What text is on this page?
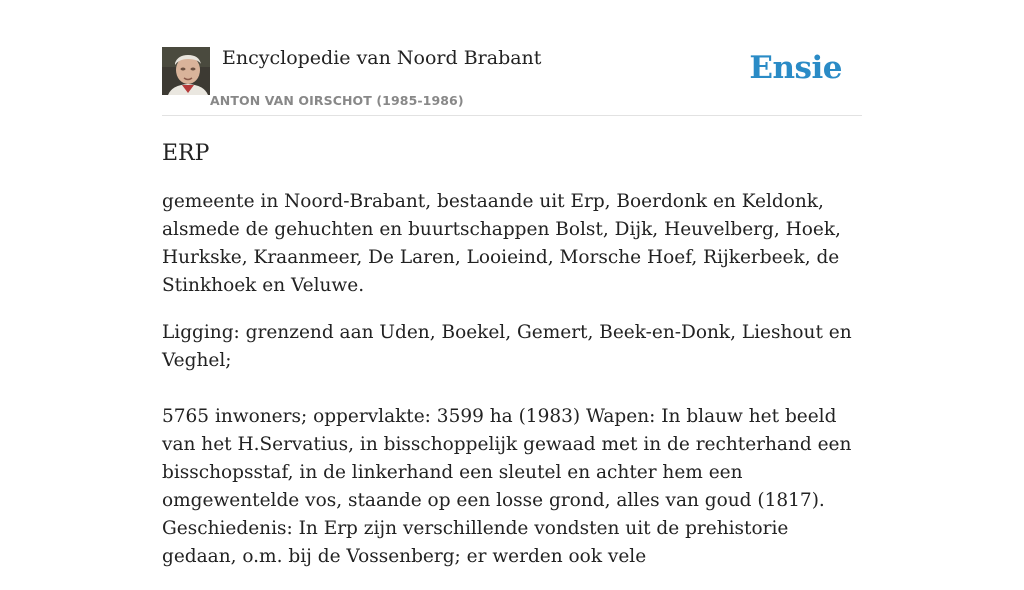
Encyclopedie van Noord Brabant
ANTON VAN OIRSCHOT (1985-1986)
Ensie
ERP

gemeente in Noord-Brabant, bestaande uit Erp, Boerdonk en Keldonk, alsmede de gehuchten en buurtschappen Bolst, Dijk, Heuvelberg, Hoek, Hurkske, Kraanmeer, De Laren, Looieind, Morsche Hoef, Rijkerbeek, de Stinkhoek en Veluwe.

Ligging: grenzend aan Uden, Boekel, Gemert, Beek-en-Donk, Lieshout en Veghel;

5765 inwoners; oppervlakte: 3599 ha (1983) Wapen: In blauw het beeld van het H.Servatius, in bisschoppelijk gewaad met in de rechterhand een bisschopsstaf, in de linkerhand een sleutel en achter hem een omgewentelde vos, staande op een losse grond, alles van goud (1817). Geschiedenis: In Erp zijn verschillende vondsten uit de prehistorie gedaan, o.m. bij de Vossenberg; er werden ook vele
